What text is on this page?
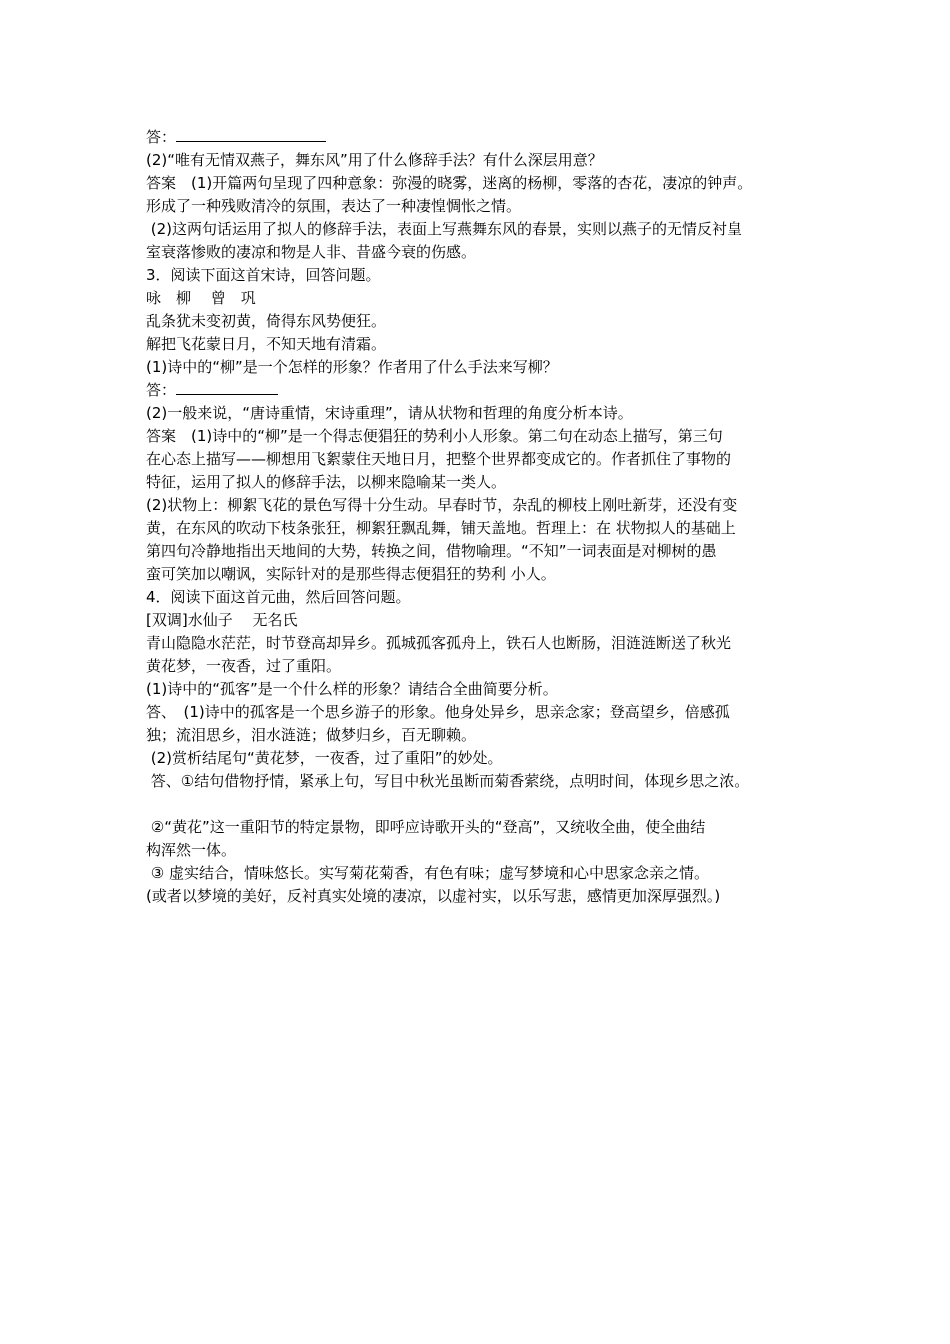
答：
(2)“唯有无情双燕子，舞东风”用了什么修辞手法？有什么深层用意？
答案　(1)开篇两句呈现了四种意象：弥漫的晓雾，迷离的杨柳，零落的杏花，凄凉的钟声。
形成了一种残败清冷的氛围，表达了一种凄惶惆怅之情。
(2)这两句话运用了拟人的修辞手法，表面上写燕舞东风的春景，实则以燕子的无情反衬皇
室衰落惨败的凄凉和物是人非、昔盛今衰的伤感。
3．阅读下面这首宋诗，回答问题。
咏　柳　 曾　巩
乱条犹未变初黄，倚得东风势便狂。
解把飞花蒙日月，不知天地有清霜。
(1)诗中的“柳”是一个怎样的形象？作者用了什么手法来写柳？
答：
(2)一般来说，“唐诗重情，宋诗重理”，请从状物和哲理的角度分析本诗。
答案　(1)诗中的“柳”是一个得志便猖狂的势利小人形象。第二句在动态上描写，第三句
在心态上描写——柳想用飞絮蒙住天地日月，把整个世界都变成它的。作者抓住了事物的
特征，运用了拟人的修辞手法，以柳来隐喻某一类人。
(2)状物上：柳絮飞花的景色写得十分生动。早春时节，杂乱的柳枝上刚吐新芽，还没有变
黄，在东风的吹动下枝条张狂，柳絮狂飘乱舞，铺天盖地。哲理上：在 状物拟人的基础上
第四句冷静地指出天地间的大势，转换之间，借物喻理。“不知”一词表面是对柳树的愚
蛮可笑加以嘲讽，实际针对的是那些得志便猖狂的势利 小人。
4．阅读下面这首元曲，然后回答问题。
[双调]水仙子　 无名氏
青山隐隐水茫茫，时节登高却异乡。孤城孤客孤舟上，铁石人也断肠，泪涟涟断送了秋光
黄花梦，一夜香，过了重阳。
(1)诗中的“孤客”是一个什么样的形象？请结合全曲简要分析。
答、　(1)诗中的孤客是一个思乡游子的形象。他身处异乡，思亲念家；登高望乡，倍感孤
独；流泪思乡，泪水涟涟；做梦归乡，百无聊赖。
(2)赏析结尾句“黄花梦，一夜香，过了重阳”的妙处。
答、①结句借物抒情，紧承上句，写目中秋光虽断而菊香萦绕，点明时间，体现乡思之浓。
②“黄花”这一重阳节的特定景物，即呼应诗歌开头的“登高”，又统收全曲，使全曲结
构浑然一体。
③ 虚实结合，情味悠长。实写菊花菊香，有色有味；虚写梦境和心中思家念亲之情。
(或者以梦境的美好，反衬真实处境的凄凉，以虚衬实，以乐写悲，感情更加深厚强烈。)
